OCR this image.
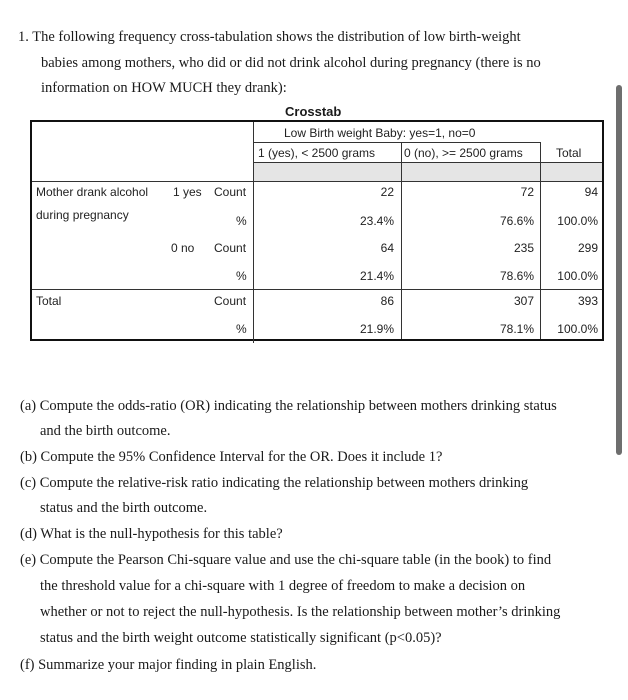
1. The following frequency cross-tabulation shows the distribution of low birth-weight
babies among mothers, who did or did not drink alcohol during pregnancy (there is no
information on HOW MUCH they drank):
Crosstab
Low Birth weight Baby: yes=1, no=0
1 (yes), < 2500 grams 0 (no), >= 2500 grams	Total
Mother drank alcohol
during pregnancy
1 yes
0 no
Total
Count
%
Count
%
Count
%
22
23.4%
64
21.4%
86
21.9%
72
76.6%
235
78.6%
307
78.1%
94
100.0%
299
100.0%
393
100.0%
(a) Compute the odds-ratio (OR) indicating the relationship between mothers drinking status
and the birth outcome.
(b) Compute the 95% Confidence Interval for the OR. Does it include 1?
(c) Compute the relative-risk ratio indicating the relationship between mothers drinking
status and the birth outcome.
(d) What is the null-hypothesis for this table?
(e) Compute the Pearson Chi-square value and use the chi-square table (in the book) to find
the threshold value for a chi-square with 1 degree of freedom to make a decision on
whether or not to reject the null-hypothesis. Is the relationship between mother’s drinking
status and the birth weight outcome statistically significant (p<0.05)?
(f) Summarize your major finding in plain English.
